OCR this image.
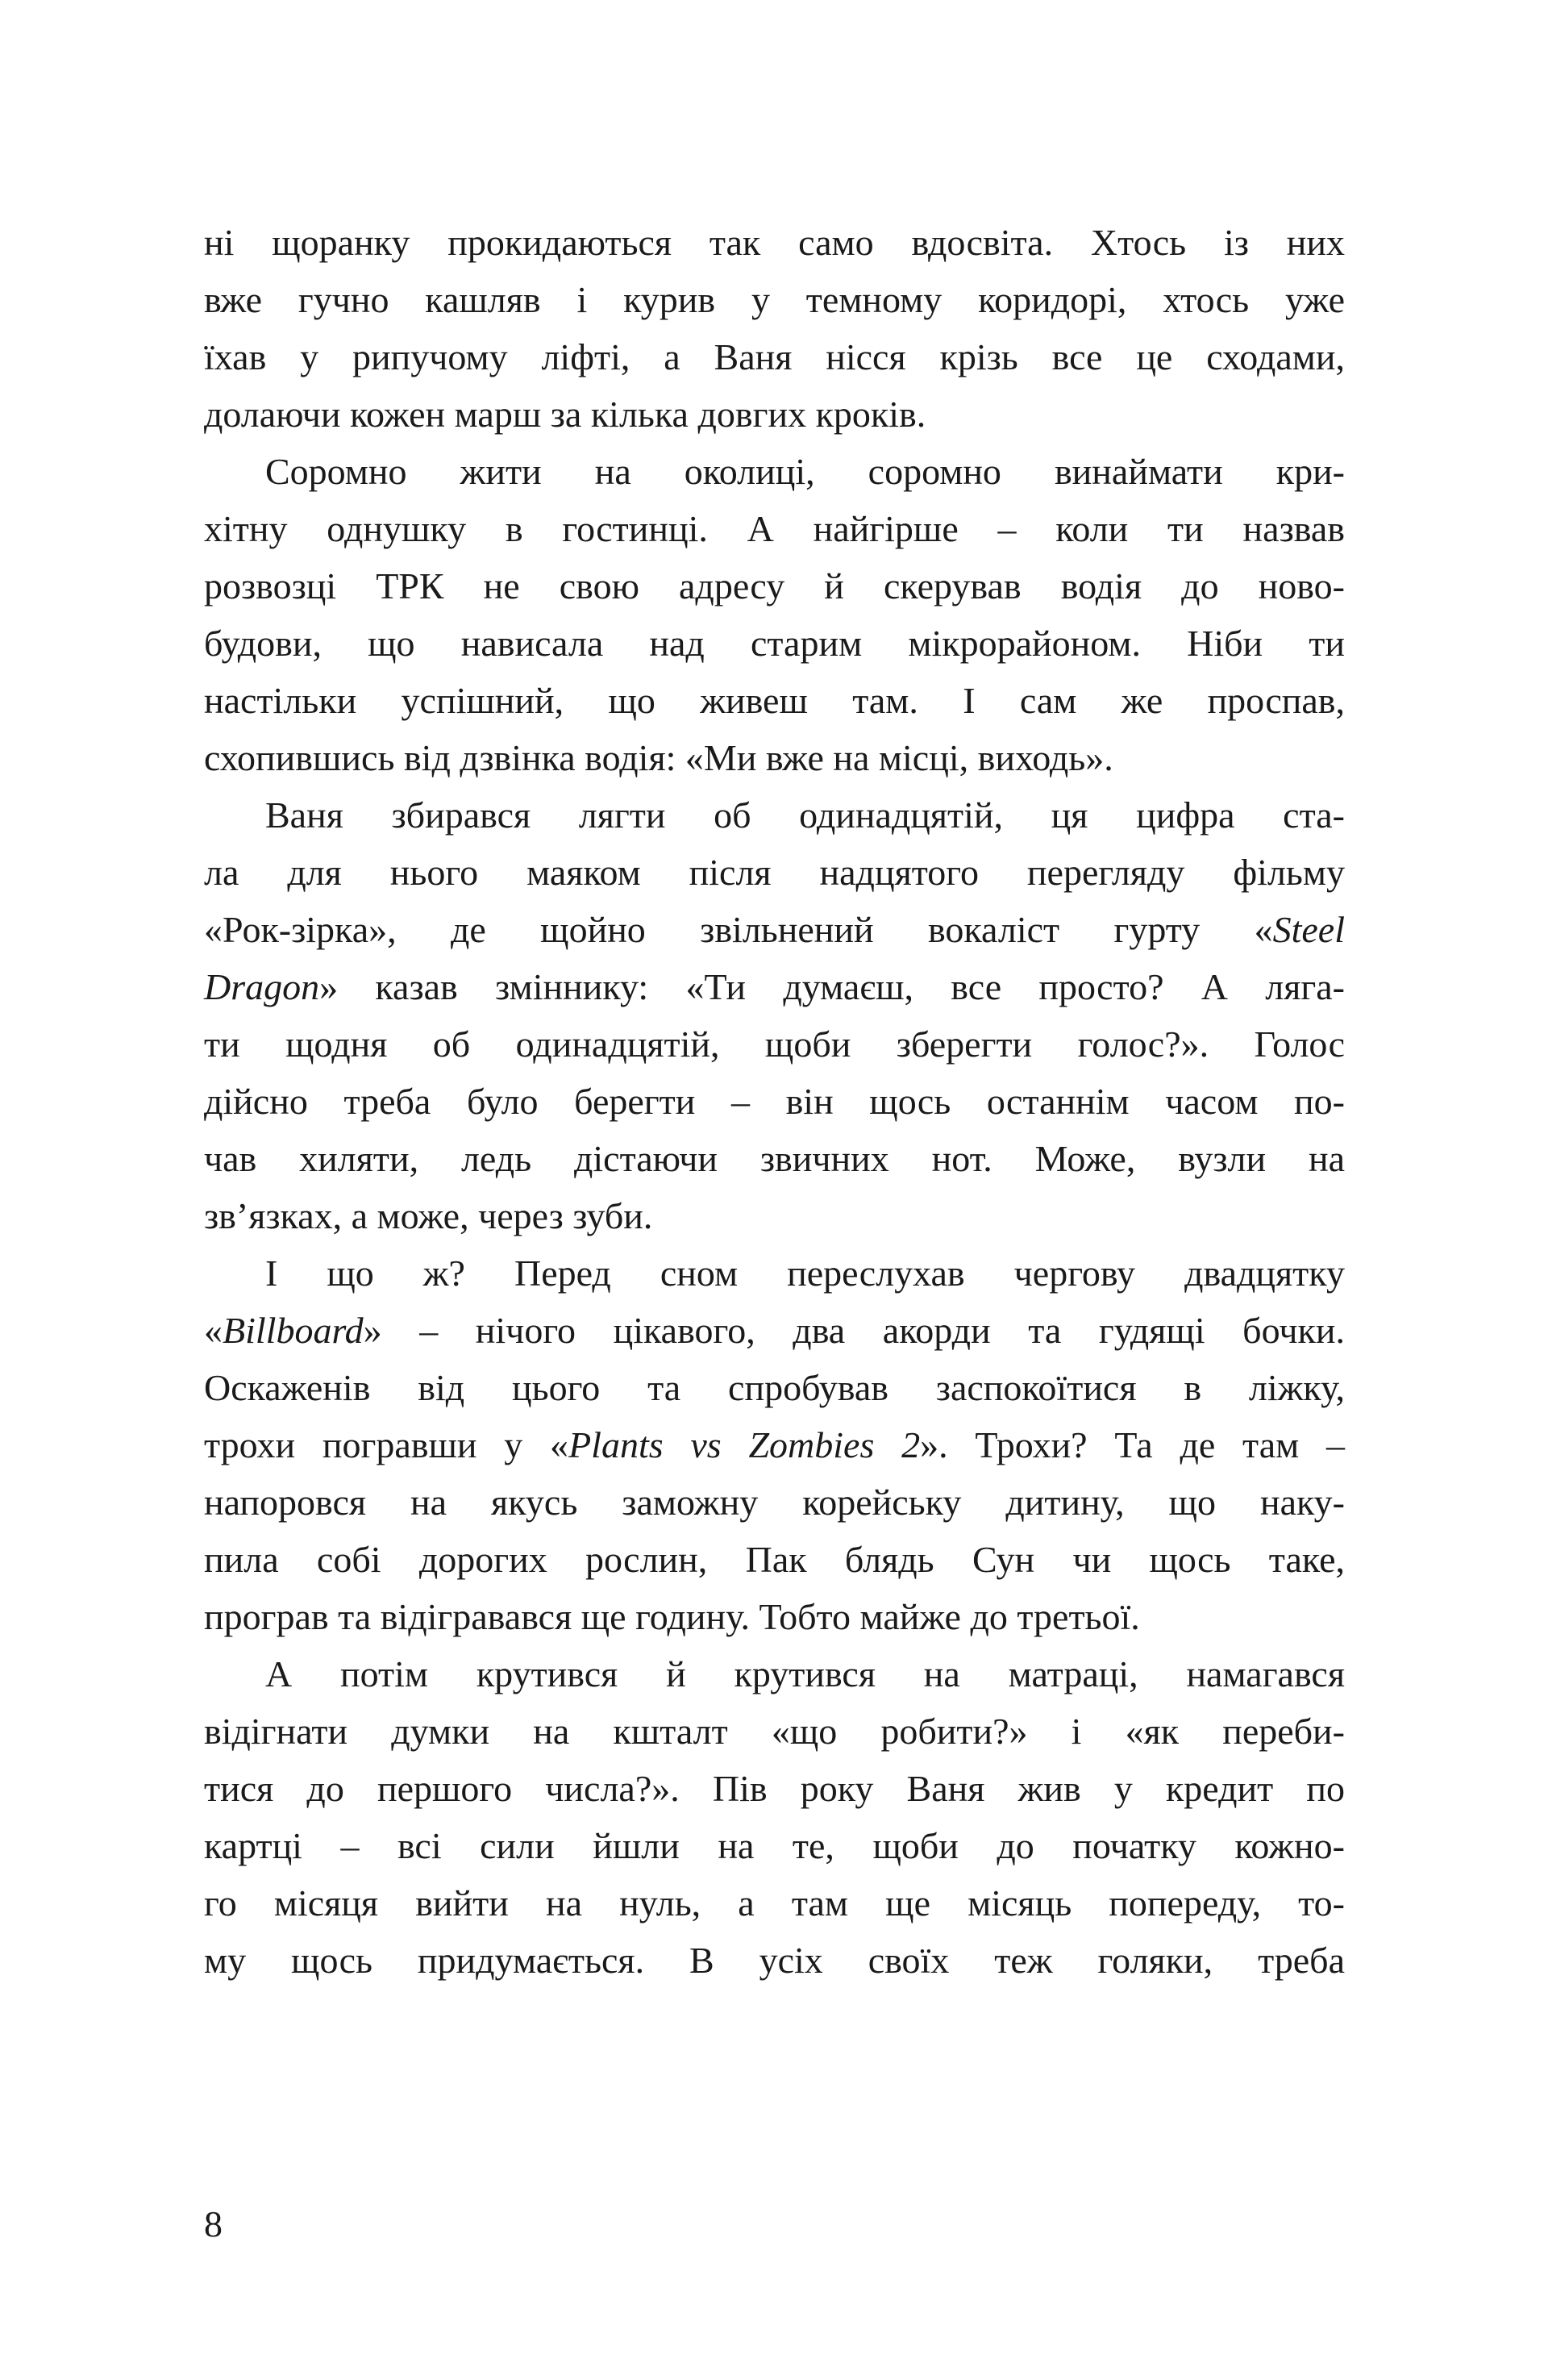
ні щоранку прокидаються так само вдосвіта. Хтось із них
вже гучно кашляв і курив у темному коридорі, хтось уже
їхав у рипучому ліфті, а Ваня нісся крізь все це сходами,
долаючи кожен марш за кілька довгих кроків.
Соромно жити на околиці, соромно винаймати кри-
хітну однушку в гостинці. А найгірше – коли ти назвав
розвозці ТРК не свою адресу й скерував водія до ново-
будови, що нависала над старим мікрорайоном. Ніби ти
настільки успішний, що живеш там. І сам же проспав,
схопившись від дзвінка водія: «Ми вже на місці, виходь».
Ваня збирався лягти об одинадцятій, ця цифра ста-
ла для нього маяком після надцятого перегляду фільму
«Рок-зірка», де щойно звільнений вокаліст гурту «Steel
Dragon» казав зміннику: «Ти думаєш, все просто? А ляга-
ти щодня об одинадцятій, щоби зберегти голос?». Голос
дійсно треба було берегти – він щось останнім часом по-
чав хиляти, ледь дістаючи звичних нот. Може, вузли на
зв’язках, а може, через зуби.
І що ж? Перед сном переслухав чергову двадцятку
«Billboard» – нічого цікавого, два акорди та гудящі бочки.
Оскаженів від цього та спробував заспокоїтися в ліжку,
трохи погравши у «Plants vs Zombies 2». Трохи? Та де там –
напоровся на якусь заможну корейську дитину, що наку-
пила собі дорогих рослин, Пак блядь Сун чи щось таке,
програв та відігравався ще годину. Тобто майже до третьої.
А потім крутився й крутився на матраці, намагався
відігнати думки на кшталт «що робити?» і «як переби-
тися до першого числа?». Пів року Ваня жив у кредит по
картці – всі сили йшли на те, щоби до початку кожно-
го місяця вийти на нуль, а там ще місяць попереду, то-
му щось придумається. В усіх своїх теж голяки, треба
8
